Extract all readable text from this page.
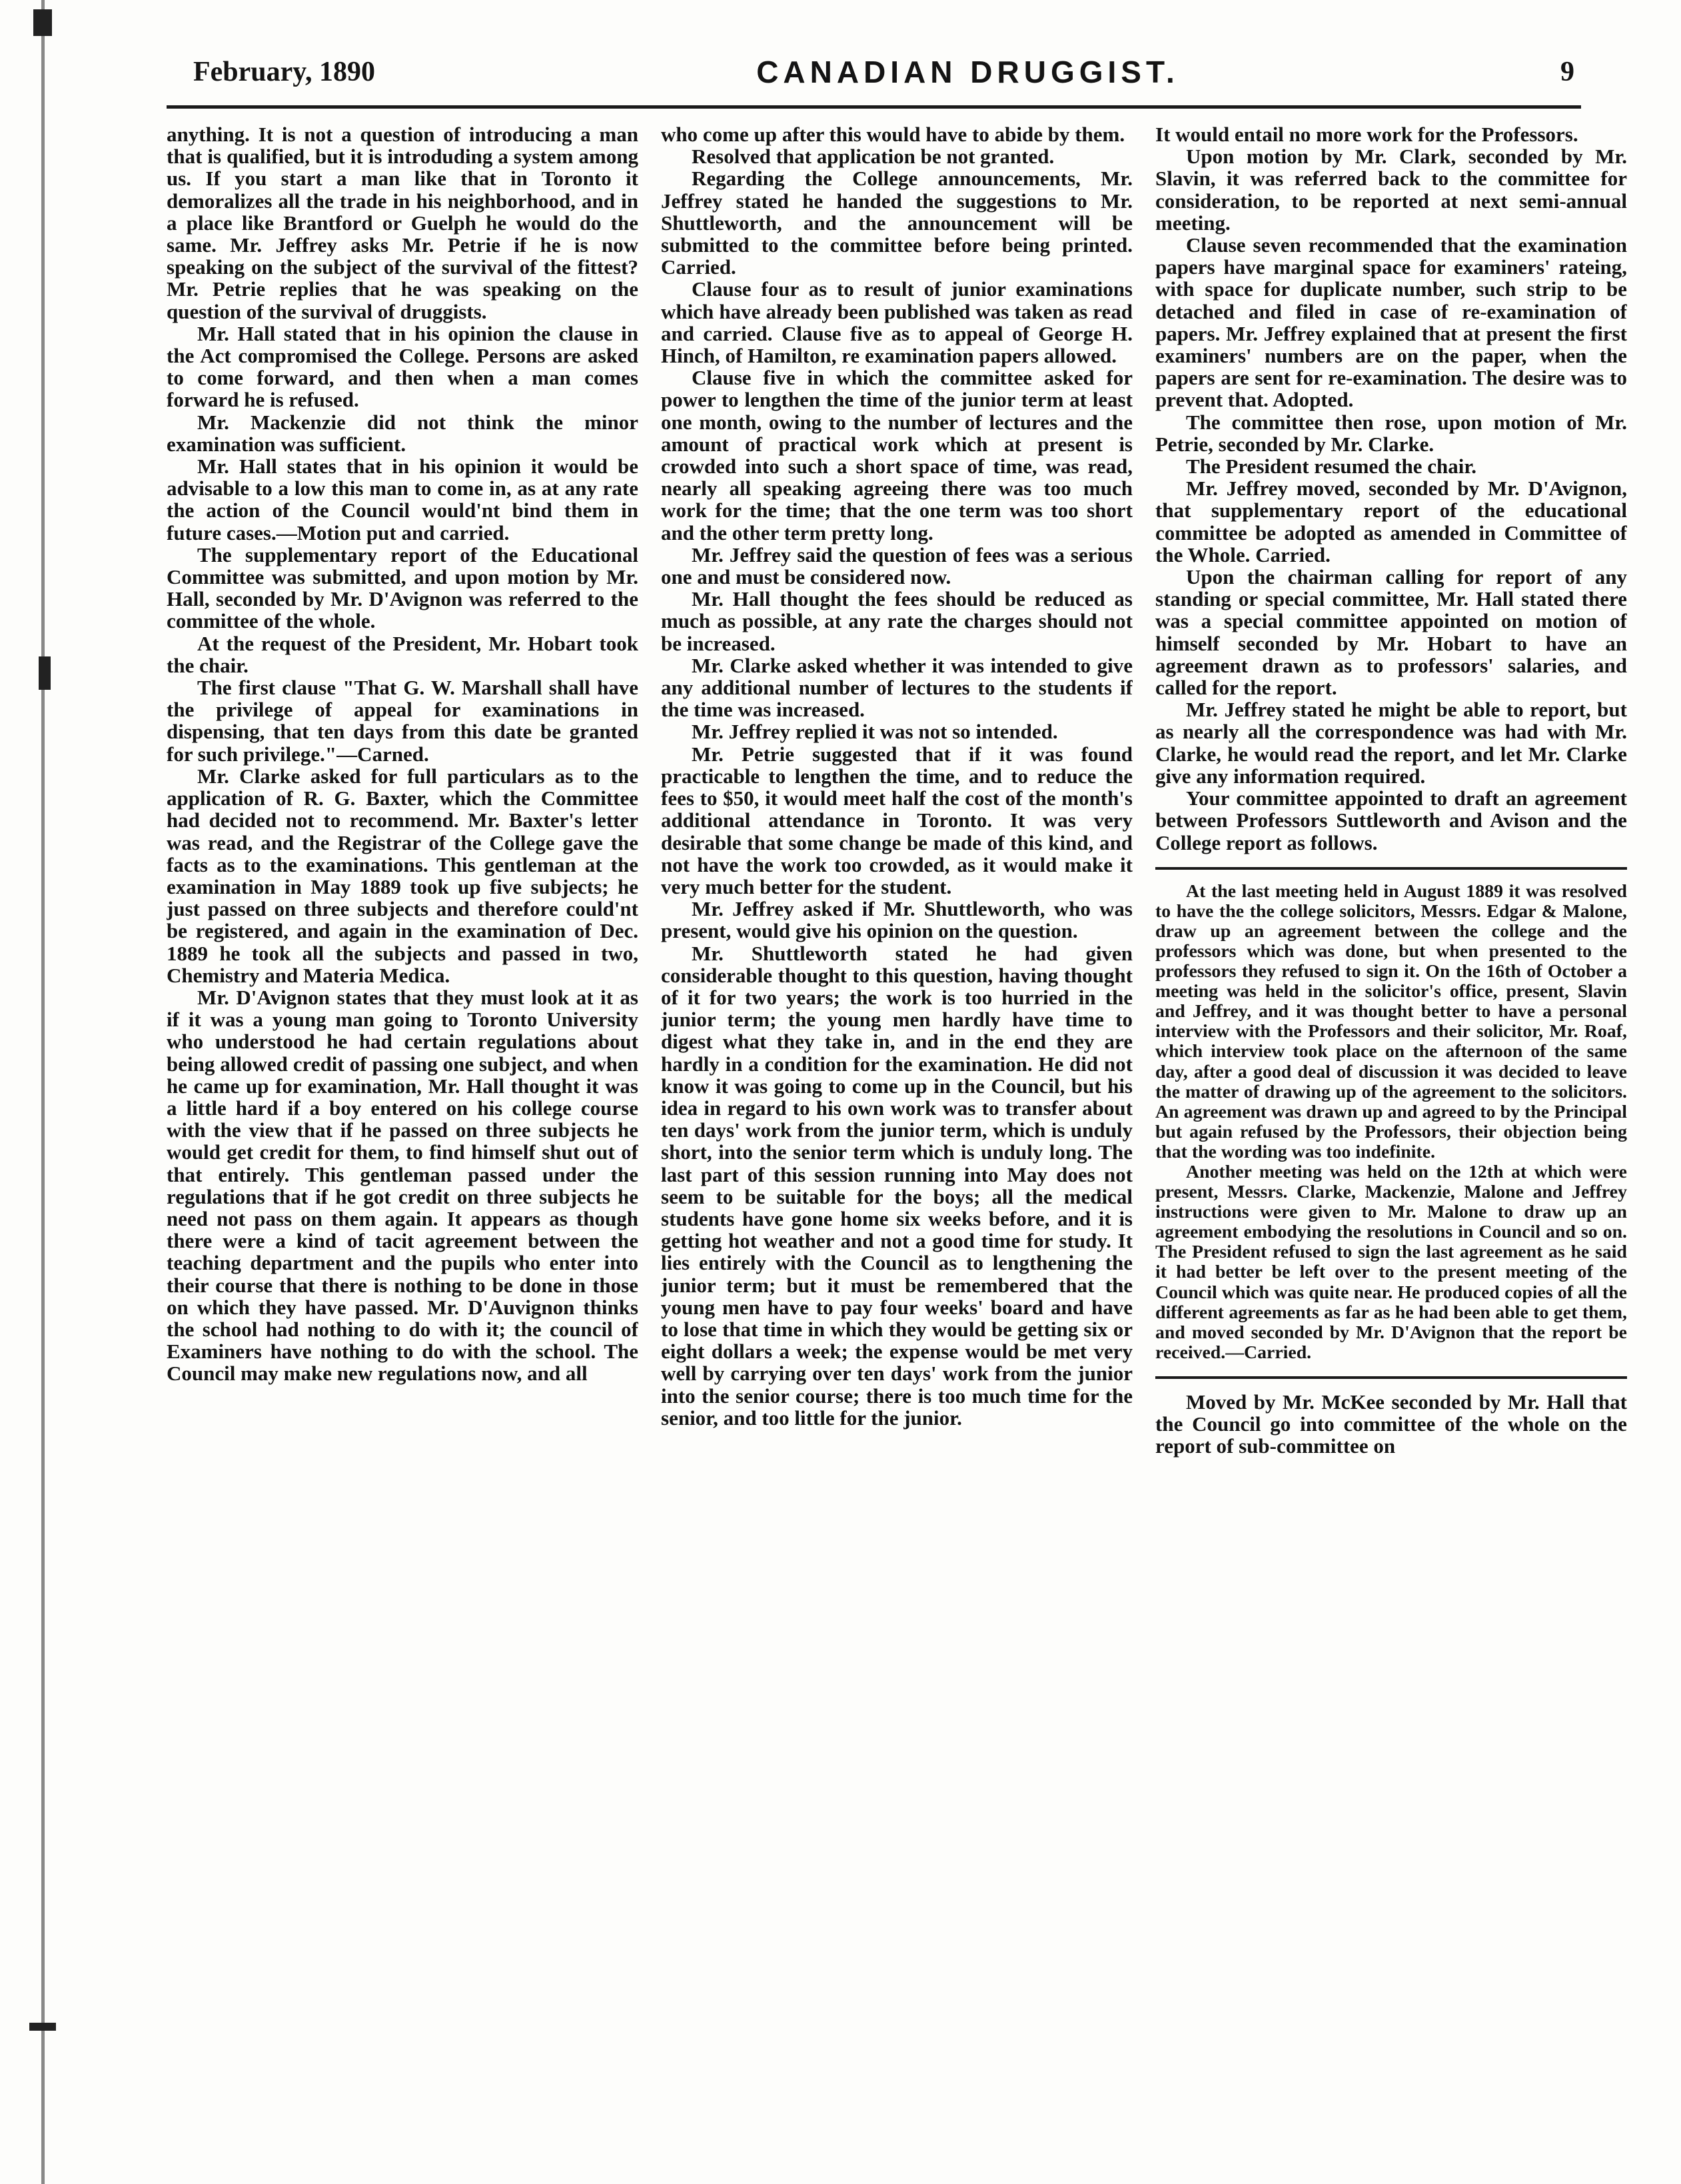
February, 1890	CANADIAN DRUGGIST.	9

anything. It is not a question of introducing a man that is qualified, but it is introduding a system among us. If you start a man like that in Toronto it demoralizes all the trade in his neighborhood, and in a place like Brantford or Guelph he would do the same. Mr. Jeffrey asks Mr. Petrie if he is now speaking on the subject of the survival of the fittest? Mr. Petrie replies that he was speaking on the question of the survival of druggists.

Mr. Hall stated that in his opinion the clause in the Act compromised the College. Persons are asked to come forward, and then when a man comes forward he is refused.

Mr. Mackenzie did not think the minor examination was sufficient.

Mr. Hall states that in his opinion it would be advisable to a low this man to come in, as at any rate the action of the Council would'nt bind them in future cases.—Motion put and carried.

The supplementary report of the Educational Committee was submitted, and upon motion by Mr. Hall, seconded by Mr. D'Avignon was referred to the committee of the whole.

At the request of the President, Mr. Hobart took the chair.

The first clause "That G. W. Marshall shall have the privilege of appeal for examinations in dispensing, that ten days from this date be granted for such privilege."—Carned.

Mr. Clarke asked for full particulars as to the application of R. G. Baxter, which the Committee had decided not to recommend. Mr. Baxter's letter was read, and the Registrar of the College gave the facts as to the examinations. This gentleman at the examination in May 1889 took up five subjects; he just passed on three subjects and therefore could'nt be registered, and again in the examination of Dec. 1889 he took all the subjects and passed in two, Chemistry and Materia Medica.

Mr. D'Avignon states that they must look at it as if it was a young man going to Toronto University who understood he had certain regulations about being allowed credit of passing one subject, and when he came up for examination, Mr. Hall thought it was a little hard if a boy entered on his college course with the view that if he passed on three subjects he would get credit for them, to find himself shut out of that entirely. This gentleman passed under the regulations that if he got credit on three subjects he need not pass on them again. It appears as though there were a kind of tacit agreement between the teaching department and the pupils who enter into their course that there is nothing to be done in those on which they have passed. Mr. D'Auvignon thinks the school had nothing to do with it; the council of Examiners have nothing to do with the school. The Council may make new regulations now, and all

who come up after this would have to abide by them.

Resolved that application be not granted.

Regarding the College announcements, Mr. Jeffrey stated he handed the suggestions to Mr. Shuttleworth, and the announcement will be submitted to the committee before being printed. Carried.

Clause four as to result of junior examinations which have already been published was taken as read and carried. Clause five as to appeal of George H. Hinch, of Hamilton, re examination papers allowed.

Clause five in which the committee asked for power to lengthen the time of the junior term at least one month, owing to the number of lectures and the amount of practical work which at present is crowded into such a short space of time, was read, nearly all speaking agreeing there was too much work for the time; that the one term was too short and the other term pretty long.

Mr. Jeffrey said the question of fees was a serious one and must be considered now.

Mr. Hall thought the fees should be reduced as much as possible, at any rate the charges should not be increased.

Mr. Clarke asked whether it was intended to give any additional number of lectures to the students if the time was increased.

Mr. Jeffrey replied it was not so intended.

Mr. Petrie suggested that if it was found practicable to lengthen the time, and to reduce the fees to $50, it would meet half the cost of the month's additional attendance in Toronto. It was very desirable that some change be made of this kind, and not have the work too crowded, as it would make it very much better for the student.

Mr. Jeffrey asked if Mr. Shuttleworth, who was present, would give his opinion on the question.

Mr. Shuttleworth stated he had given considerable thought to this question, having thought of it for two years; the work is too hurried in the junior term; the young men hardly have time to digest what they take in, and in the end they are hardly in a condition for the examination. He did not know it was going to come up in the Council, but his idea in regard to his own work was to transfer about ten days' work from the junior term, which is unduly short, into the senior term which is unduly long. The last part of this session running into May does not seem to be suitable for the boys; all the medical students have gone home six weeks before, and it is getting hot weather and not a good time for study. It lies entirely with the Council as to lengthening the junior term; but it must be remembered that the young men have to pay four weeks' board and have to lose that time in which they would be getting six or eight dollars a week; the expense would be met very well by carrying over ten days' work from the junior into the senior course; there is too much time for the senior, and too little for the junior.

It would entail no more work for the Professors.

Upon motion by Mr. Clark, seconded by Mr. Slavin, it was referred back to the committee for consideration, to be reported at next semi-annual meeting.

Clause seven recommended that the examination papers have marginal space for examiners' rateing, with space for duplicate number, such strip to be detached and filed in case of re-examination of papers. Mr. Jeffrey explained that at present the first examiners' numbers are on the paper, when the papers are sent for re-examination. The desire was to prevent that. Adopted.

The committee then rose, upon motion of Mr. Petrie, seconded by Mr. Clarke.

The President resumed the chair.

Mr. Jeffrey moved, seconded by Mr. D'Avignon, that supplementary report of the educational committee be adopted as amended in Committee of the Whole. Carried.

Upon the chairman calling for report of any standing or special committee, Mr. Hall stated there was a special committee appointed on motion of himself seconded by Mr. Hobart to have an agreement drawn as to professors' salaries, and called for the report.

Mr. Jeffrey stated he might be able to report, but as nearly all the correspondence was had with Mr. Clarke, he would read the report, and let Mr. Clarke give any information required.

Your committee appointed to draft an agreement between Professors Suttleworth and Avison and the College report as follows.

At the last meeting held in August 1889 it was resolved to have the the college solicitors, Messrs. Edgar & Malone, draw up an agreement between the college and the professors which was done, but when presented to the professors they refused to sign it. On the 16th of October a meeting was held in the solicitor's office, present, Slavin and Jeffrey, and it was thought better to have a personal interview with the Professors and their solicitor, Mr. Roaf, which interview took place on the afternoon of the same day, after a good deal of discussion it was decided to leave the matter of drawing up of the agreement to the solicitors. An agreement was drawn up and agreed to by the Principal but again refused by the Professors, their objection being that the wording was too indefinite.

Another meeting was held on the 12th at which were present, Messrs. Clarke, Mackenzie, Malone and Jeffrey instructions were given to Mr. Malone to draw up an agreement embodying the resolutions in Council and so on. The President refused to sign the last agreement as he said it had better be left over to the present meeting of the Council which was quite near. He produced copies of all the different agreements as far as he had been able to get them, and moved seconded by Mr. D'Avignon that the report be received.—Carried.

Moved by Mr. McKee seconded by Mr. Hall that the Council go into committee of the whole on the report of sub-committee on
